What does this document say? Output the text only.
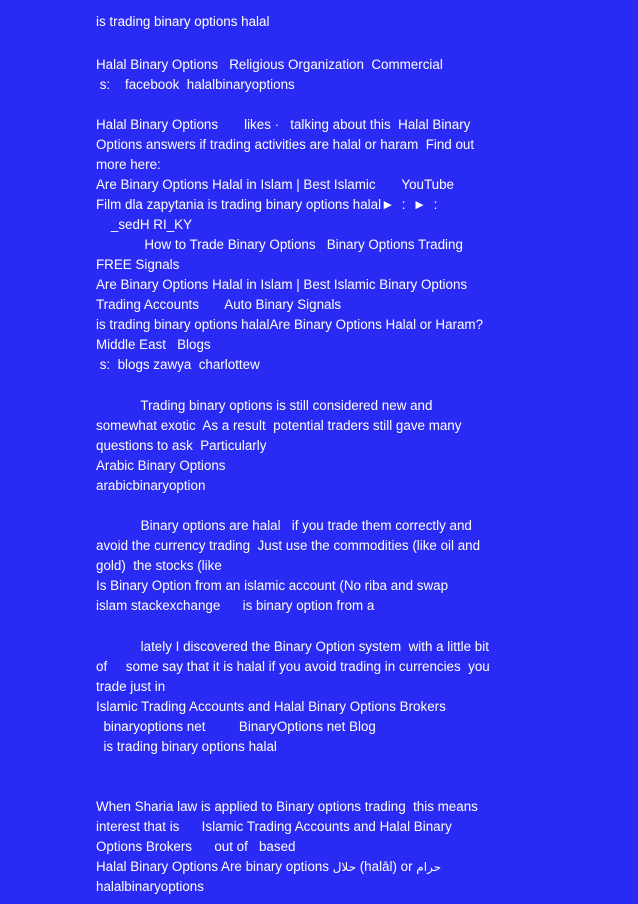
is trading binary options halal
Halal Binary Options   Religious Organization  Commercial
s:    facebook  halalbinaryoptions
Halal Binary Options       likes ·   talking about this  Halal Binary
Options answers if trading activities are halal or haram  Find out
more here:
Are Binary Options Halal in Islam | Best Islamic       YouTube
Film dla zapytania is trading binary options halal►  :  ►  :
_sedH RI_KY
How to Trade Binary Options   Binary Options Trading
FREE Signals
Are Binary Options Halal in Islam | Best Islamic Binary Options
Trading Accounts       Auto Binary Signals
is trading binary options halalAre Binary Options Halal or Haram?
Middle East   Blogs
s:  blogs zawya  charlottew
Trading binary options is still considered new and
somewhat exotic  As a result  potential traders still gave many
questions to ask  Particularly
Arabic Binary Options
arabicbinaryoption
Binary options are halal   if you trade them correctly and
avoid the currency trading  Just use the commodities (like oil and
gold)  the stocks (like
Is Binary Option from an islamic account (No riba and swap
islam stackexchange      is binary option from a
lately I discovered the Binary Option system  with a little bit
of     some say that it is halal if you avoid trading in currencies  you
trade just in
Islamic Trading Accounts and Halal Binary Options Brokers
binaryoptions net         BinaryOptions net Blog
is trading binary options halal
When Sharia law is applied to Binary options trading  this means
interest that is      Islamic Trading Accounts and Halal Binary
Options Brokers      out of   based
Halal Binary Options Are binary options حلال (halāl) or حرام
halalbinaryoptions
